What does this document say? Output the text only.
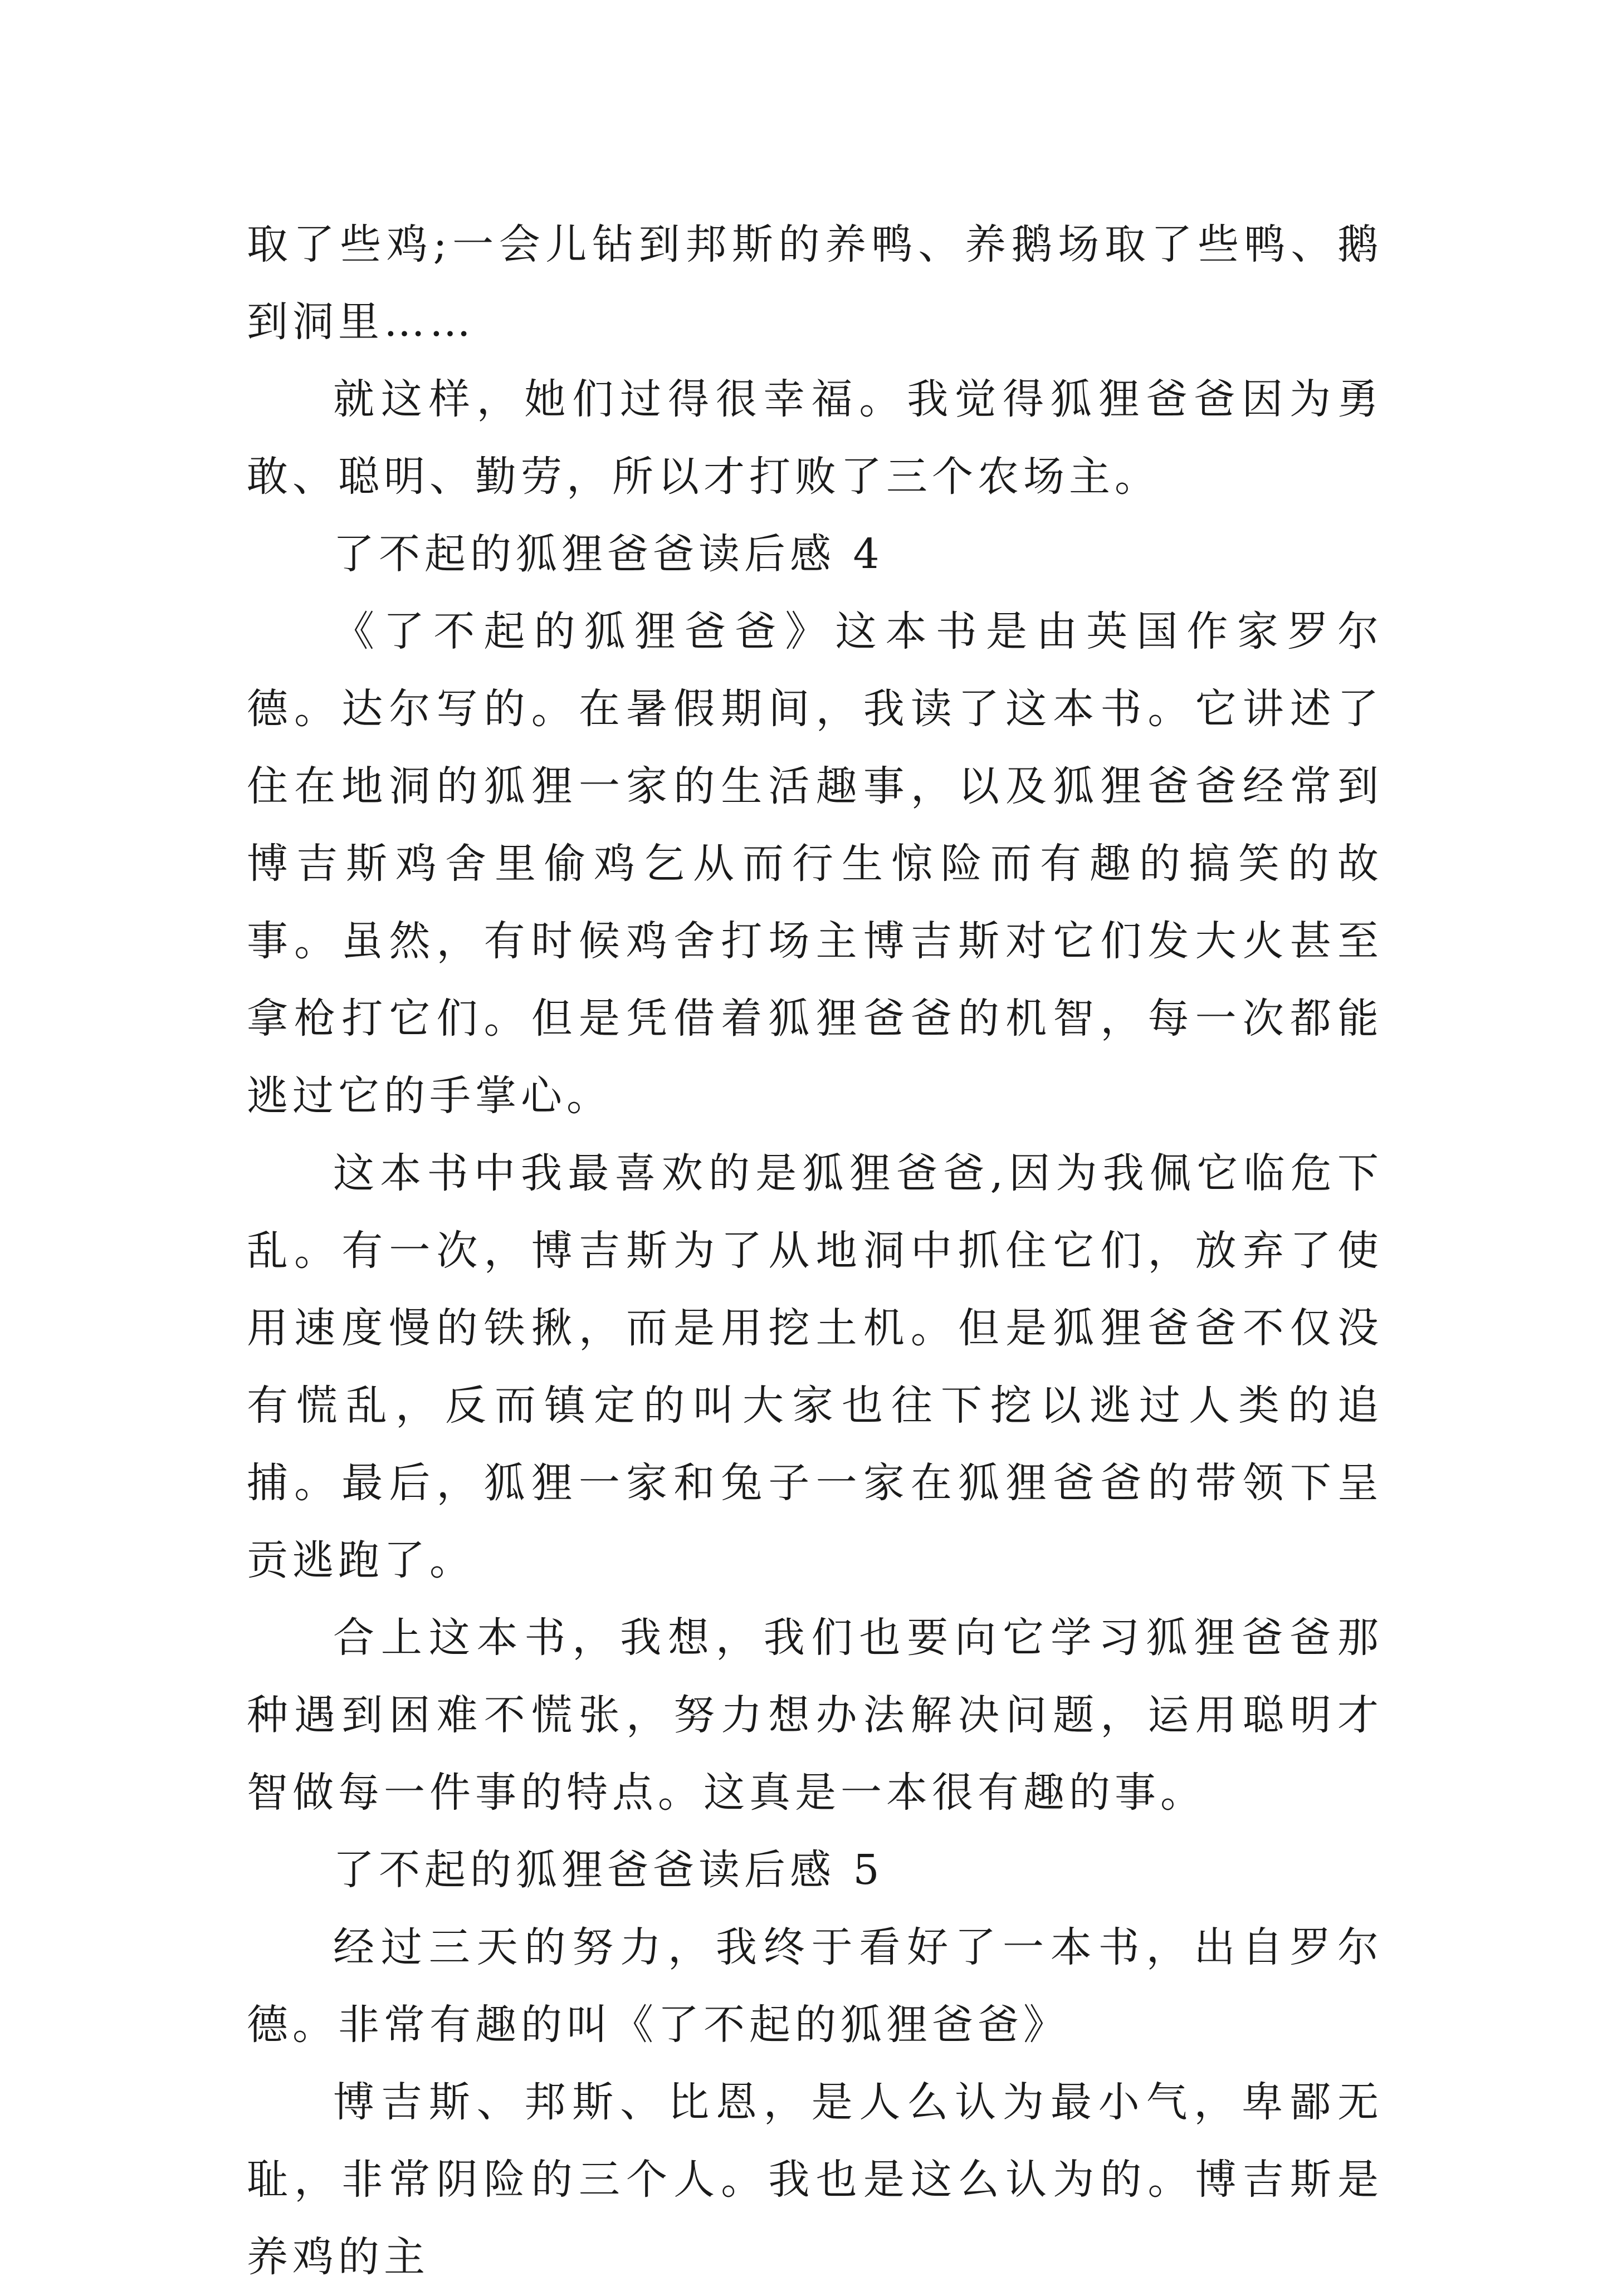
取了些鸡;一会儿钻到邦斯的养鸭、养鹅场取了些鸭、鹅到洞里……

就这样，她们过得很幸福。我觉得狐狸爸爸因为勇敢、聪明、勤劳，所以才打败了三个农场主。

了不起的狐狸爸爸读后感 4

《了不起的狐狸爸爸》这本书是由英国作家罗尔德。达尔写的。在暑假期间，我读了这本书。它讲述了住在地洞的狐狸一家的生活趣事，以及狐狸爸爸经常到博吉斯鸡舍里偷鸡乞从而行生惊险而有趣的搞笑的故事。虽然，有时候鸡舍打场主博吉斯对它们发大火甚至拿枪打它们。但是凭借着狐狸爸爸的机智，每一次都能逃过它的手掌心。

这本书中我最喜欢的是狐狸爸爸,因为我佩它临危下乱。有一次，博吉斯为了从地洞中抓住它们，放弃了使用速度慢的铁揪，而是用挖土机。但是狐狸爸爸不仅没有慌乱，反而镇定的叫大家也往下挖以逃过人类的追捕。最后，狐狸一家和兔子一家在狐狸爸爸的带领下呈贡逃跑了。

合上这本书，我想，我们也要向它学习狐狸爸爸那种遇到困难不慌张，努力想办法解决问题，运用聪明才智做每一件事的特点。这真是一本很有趣的事。

了不起的狐狸爸爸读后感 5

经过三天的努力，我终于看好了一本书，出自罗尔德。非常有趣的叫《了不起的狐狸爸爸》

博吉斯、邦斯、比恩，是人么认为最小气，卑鄙无耻，非常阴险的三个人。我也是这么认为的。博吉斯是养鸡的主
